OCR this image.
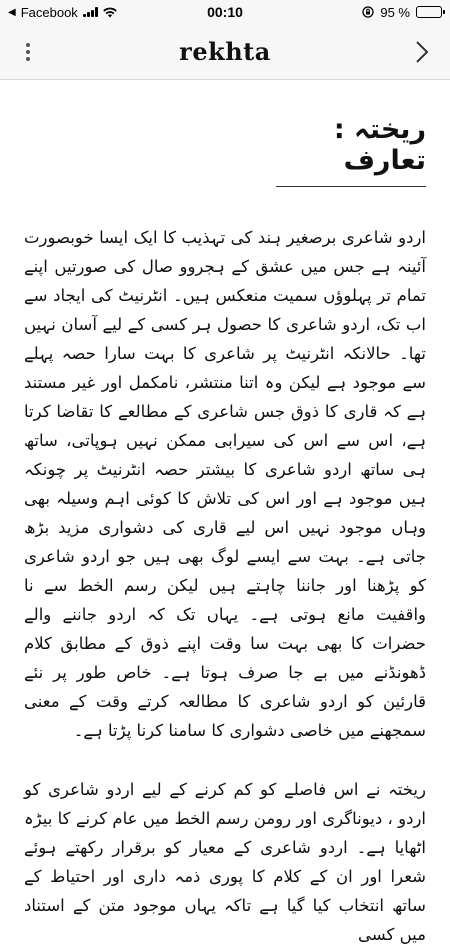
◀ Facebook	00:10	95 %
rekhta
ریختہ : تعارف

اردو شاعری برصغیر ہند کی تہذیب کا ایک ایسا خوبصورت آئینہ ہے جس میں عشق کے ہجروو صال کی صورتیں اپنے تمام تر پہلوؤں سمیت منعکس ہیں۔ انٹرنیٹ کی ایجاد سے اب تک، اردو شاعری کا حصول ہر کسی کے لیے آسان نہیں تھا۔ حالانکہ انٹرنیٹ پر شاعری کا بہت سارا حصہ پہلے سے موجود ہے لیکن وہ اتنا منتشر، نامکمل اور غیر مستند ہے کہ قاری کا ذوق جس شاعری کے مطالعے کا تقاضا کرتا ہے، اس سے اس کی سیرابی ممکن نہیں ہوپاتی، ساتھ ہی ساتھ اردو شاعری کا بیشتر حصہ انٹرنیٹ پر چونکہ ہیں موجود ہے اور اس کی تلاش کا کوئی اہم وسیلہ بھی وہاں موجود نہیں اس لیے قاری کی دشواری مزید بڑھ جاتی ہے۔ بہت سے ایسے لوگ بھی ہیں جو اردو شاعری کو پڑھنا اور جاننا چاہتے ہیں لیکن رسم الخط سے نا واقفیت مانع ہوتی ہے۔ یہاں تک کہ اردو جاننے والے حضرات کا بھی بہت سا وقت اپنے ذوق کے مطابق کلام ڈھونڈنے میں بے جا صرف ہوتا ہے۔ خاص طور پر نئے قارئین کو اردو شاعری کا مطالعہ کرتے وقت کے معنی سمجھنے میں خاصی دشواری کا سامنا کرنا پڑتا ہے۔

ریختہ نے اس فاصلے کو کم کرنے کے لیے اردو شاعری کو اردو ، دیوناگری اور رومن رسم الخط میں عام کرنے کا بیڑہ اٹھایا ہے۔ اردو شاعری کے معیار کو برقرار رکھتے ہوئے شعرا اور ان کے کلام کا پوری ذمہ داری اور احتیاط کے ساتھ انتخاب کیا گیا ہے تاکہ یہاں موجود متن کے استناد میں کسی
